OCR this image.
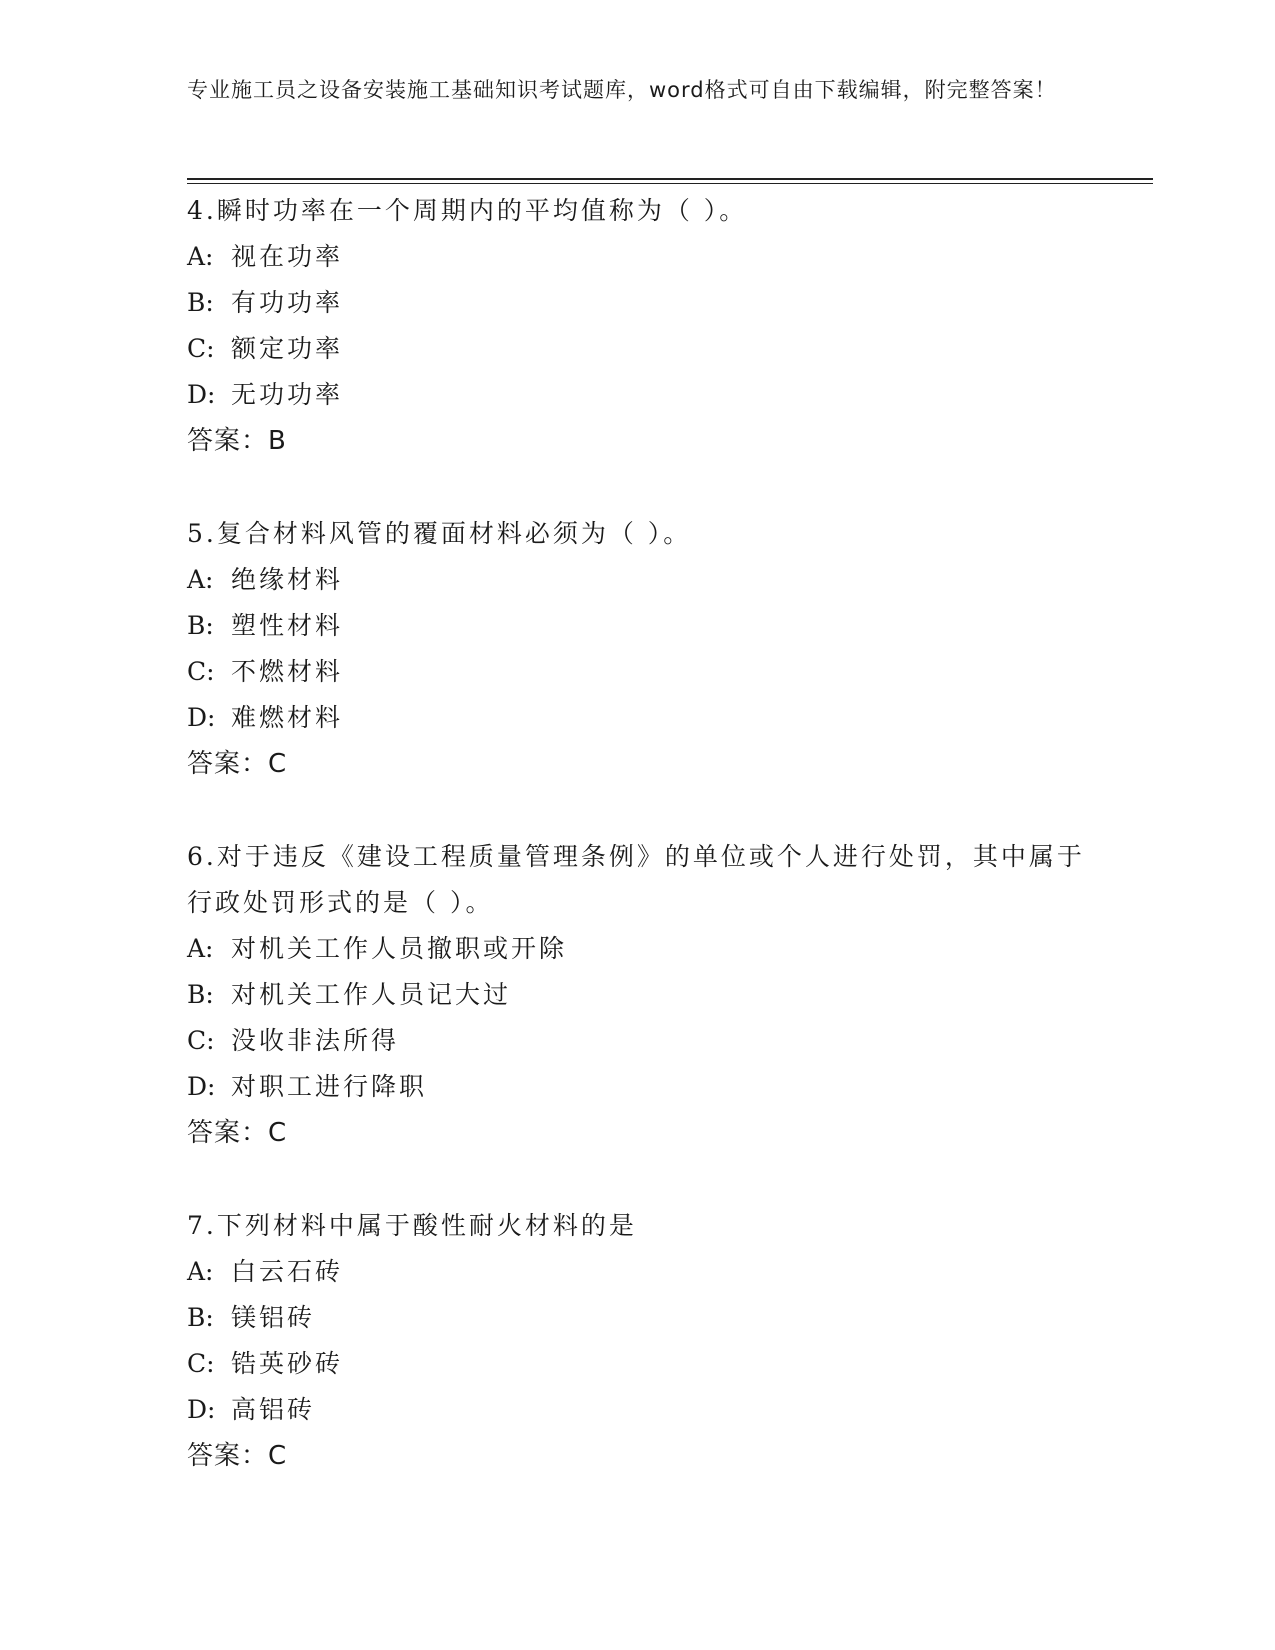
专业施工员之设备安装施工基础知识考试题库，word格式可自由下载编辑，附完整答案！
4.瞬时功率在一个周期内的平均值称为（ ）。
A: 视在功率
B: 有功功率
C: 额定功率
D: 无功功率
答案：B
5.复合材料风管的覆面材料必须为（ ）。
A: 绝缘材料
B: 塑性材料
C: 不燃材料
D: 难燃材料
答案：C
6.对于违反《建设工程质量管理条例》的单位或个人进行处罚，其中属于行政处罚形式的是（ ）。
A: 对机关工作人员撤职或开除
B: 对机关工作人员记大过
C: 没收非法所得
D: 对职工进行降职
答案：C
7.下列材料中属于酸性耐火材料的是
A: 白云石砖
B: 镁铝砖
C: 锆英砂砖
D: 高铝砖
答案：C
